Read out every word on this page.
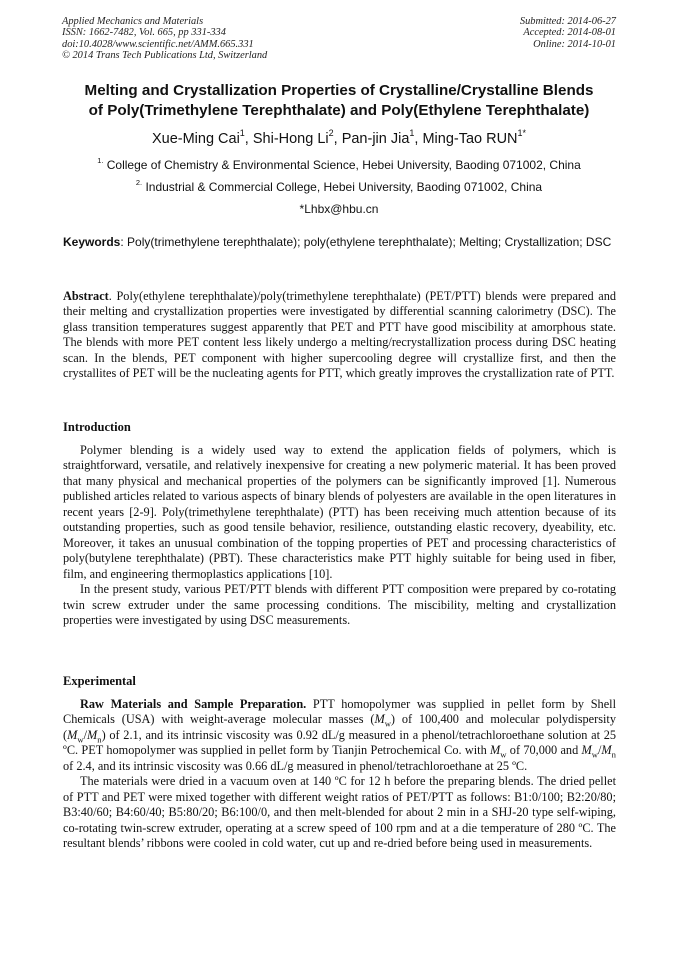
Applied Mechanics and Materials
ISSN: 1662-7482, Vol. 665, pp 331-334
doi:10.4028/www.scientific.net/AMM.665.331
© 2014 Trans Tech Publications Ltd, Switzerland
Submitted: 2014-06-27
Accepted: 2014-08-01
Online: 2014-10-01
Melting and Crystallization Properties of Crystalline/Crystalline Blends
of Poly(Trimethylene Terephthalate) and Poly(Ethylene Terephthalate)
Xue-Ming Cai$^1$, Shi-Hong Li$^2$, Pan-jin Jia$^1$, Ming-Tao $RUN^{1*}$
$^{1.}$ College of Chemistry & Environmental Science, Hebei University, Baoding 071002, China
$^{2.}$ Industrial & Commercial College, Hebei University, Baoding 071002, China
*Lhbx@hbu.cn
Keywords: Poly(trimethylene terephthalate); poly(ethylene terephthalate); Melting; Crystallization; DSC

Abstract. Poly(ethylene terephthalate)/poly(trimethylene terephthalate) (PET/PTT) blends were prepared and their melting and crystallization properties were investigated by differential scanning calorimetry (DSC). The glass transition temperatures suggest apparently that PET and PTT have good miscibility at amorphous state. The blends with more PET content less likely undergo a melting/recrystallization process during DSC heating scan. In the blends, PET component with higher supercooling degree will crystallize first, and then the crystallites of PET will be the nucleating agents for PTT, which greatly improves the crystallization rate of PTT.

Introduction

Polymer blending is a widely used way to extend the application fields of polymers, which is straightforward, versatile, and relatively inexpensive for creating a new polymeric material. It has been proved that many physical and mechanical properties of the polymers can be significantly improved [1]. Numerous published articles related to various aspects of binary blends of polyesters are available in the open literatures in recent years [2-9]. Poly(trimethylene terephthalate) (PTT) has been receiving much attention because of its outstanding properties, such as good tensile behavior, resilience, outstanding elastic recovery, dyeability, etc. Moreover, it takes an unusual combination of the topping properties of PET and processing characteristics of poly(butylene terephthalate) (PBT). These characteristics make PTT highly suitable for being used in fiber, film, and engineering thermoplastics applications [10].

In the present study, various PET/PTT blends with different PTT composition were prepared by co-rotating twin screw extruder under the same processing conditions. The miscibility, melting and crystallization properties were investigated by using DSC measurements.

Experimental

Raw Materials and Sample Preparation. PTT homopolymer was supplied in pellet form by Shell Chemicals (USA) with weight-average molecular masses $(M_w)$ of 100,400 and molecular polydispersity $(M_w/M_n)$ of 2.1, and its intrinsic viscosity was 0.92 dL/g measured in a phenol/tetrachloroethane solution at 25 ºC. PET homopolymer was supplied in pellet form by Tianjin Petrochemical Co. with $M_w$ of 70,000 and $M_w/M_n$ of 2.4, and its intrinsic viscosity was 0.66 dL/g measured in phenol/tetrachloroethane at 25 ºC.

The materials were dried in a vacuum oven at 140 ºC for 12 h before the preparing blends. The dried pellet of PTT and PET were mixed together with different weight ratios of PET/PTT as follows: B1:0/100; B2:20/80; B3:40/60; B4:60/40; B5:80/20; B6:100/0, and then melt-blended for about 2 min in a SHJ-20 type self-wiping, co-rotating twin-screw extruder, operating at a screw speed of 100 rpm and at a die temperature of 280 ºC. The resultant blends’ ribbons were cooled in cold water, cut up and re-dried before being used in measurements.
